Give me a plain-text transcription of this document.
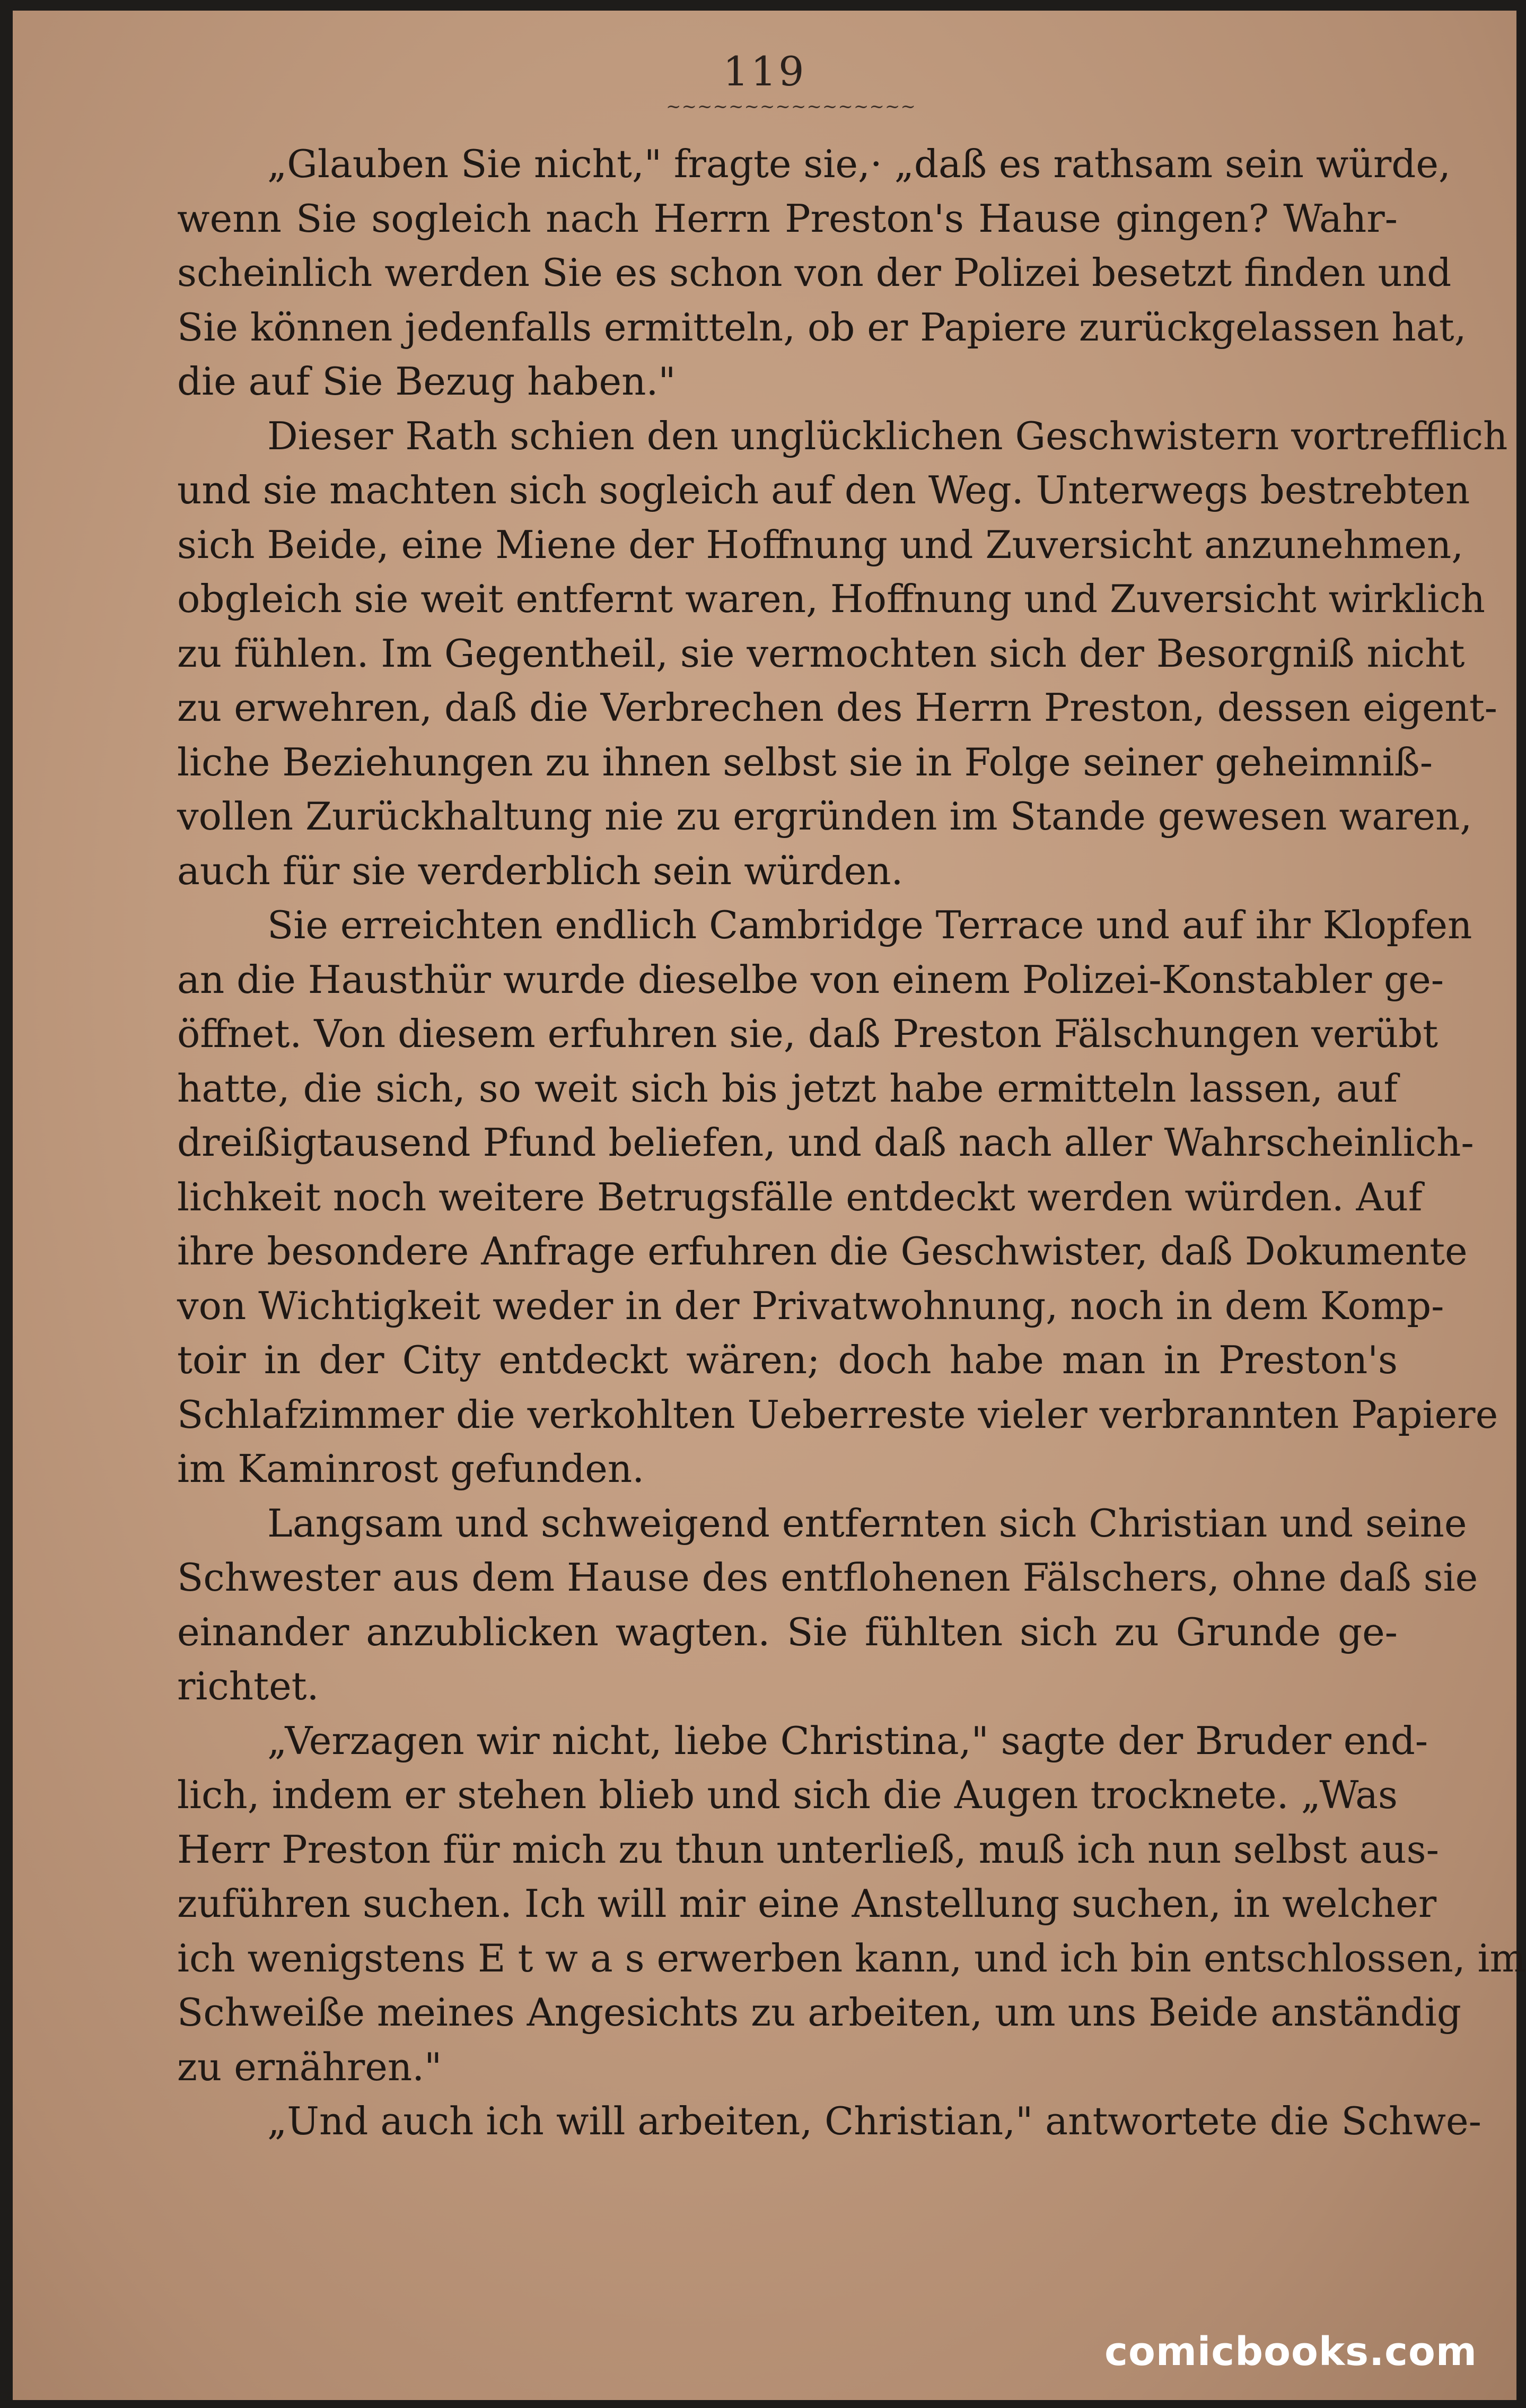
119
~~~~~~~~~~~~~~~~
„Glauben Sie nicht," fragte sie,· „daß es rathsam sein würde,
wenn Sie sogleich nach Herrn Preston's Hause gingen? Wahr-
scheinlich werden Sie es schon von der Polizei besetzt finden und
Sie können jedenfalls ermitteln, ob er Papiere zurückgelassen hat,
die auf Sie Bezug haben."
Dieser Rath schien den unglücklichen Geschwistern vortrefflich
und sie machten sich sogleich auf den Weg. Unterwegs bestrebten
sich Beide, eine Miene der Hoffnung und Zuversicht anzunehmen,
obgleich sie weit entfernt waren, Hoffnung und Zuversicht wirklich
zu fühlen. Im Gegentheil, sie vermochten sich der Besorgniß nicht
zu erwehren, daß die Verbrechen des Herrn Preston, dessen eigent-
liche Beziehungen zu ihnen selbst sie in Folge seiner geheimniß-
vollen Zurückhaltung nie zu ergründen im Stande gewesen waren,
auch für sie verderblich sein würden.
Sie erreichten endlich Cambridge Terrace und auf ihr Klopfen
an die Hausthür wurde dieselbe von einem Polizei-Konstabler ge-
öffnet. Von diesem erfuhren sie, daß Preston Fälschungen verübt
hatte, die sich, so weit sich bis jetzt habe ermitteln lassen, auf
dreißigtausend Pfund beliefen, und daß nach aller Wahrscheinlich-
lichkeit noch weitere Betrugsfälle entdeckt werden würden. Auf
ihre besondere Anfrage erfuhren die Geschwister, daß Dokumente
von Wichtigkeit weder in der Privatwohnung, noch in dem Komp-
toir in der City entdeckt wären; doch habe man in Preston's
Schlafzimmer die verkohlten Ueberreste vieler verbrannten Papiere
im Kaminrost gefunden.
Langsam und schweigend entfernten sich Christian und seine
Schwester aus dem Hause des entflohenen Fälschers, ohne daß sie
einander anzublicken wagten. Sie fühlten sich zu Grunde ge-
richtet.
„Verzagen wir nicht, liebe Christina," sagte der Bruder end-
lich, indem er stehen blieb und sich die Augen trocknete. „Was
Herr Preston für mich zu thun unterließ, muß ich nun selbst aus-
zuführen suchen. Ich will mir eine Anstellung suchen, in welcher
ich wenigstens E t w a s erwerben kann, und ich bin entschlossen, im
Schweiße meines Angesichts zu arbeiten, um uns Beide anständig
zu ernähren."
„Und auch ich will arbeiten, Christian," antwortete die Schwe-
comicbooks.com
